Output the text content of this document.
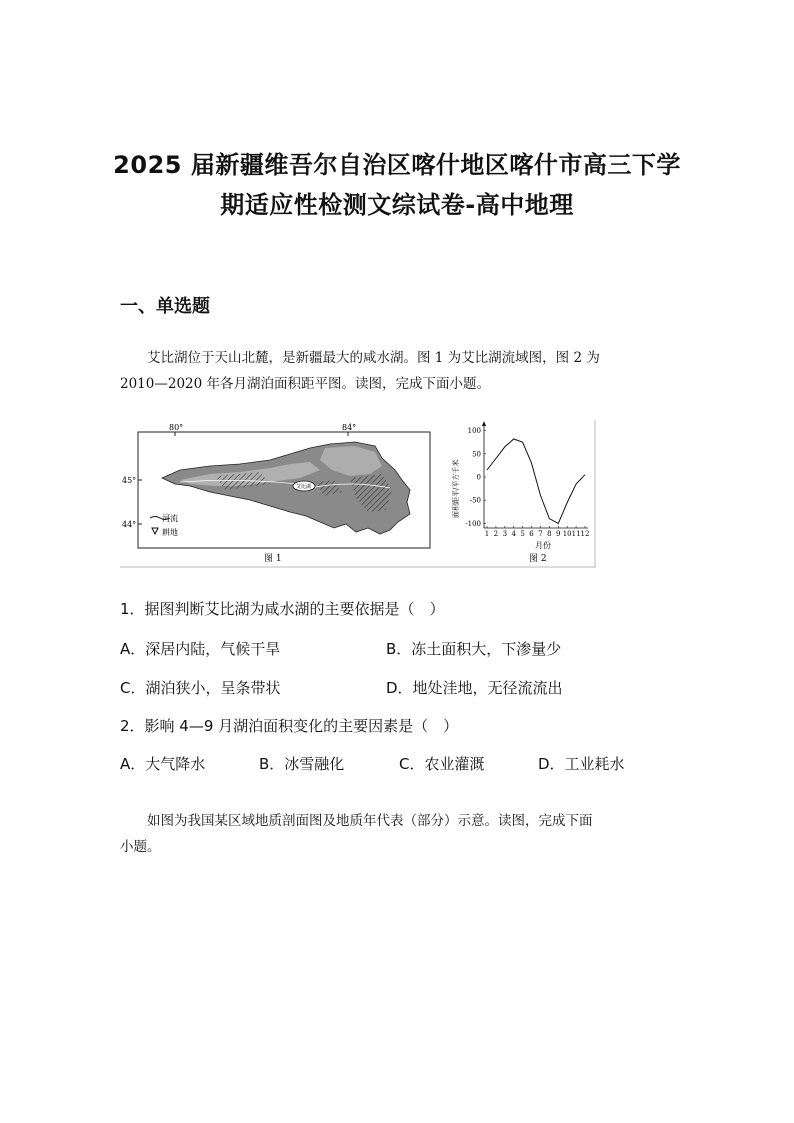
2025 届新疆维吾尔自治区喀什地区喀什市高三下学
期适应性检测文综试卷-高中地理
一、单选题
艾比湖位于天山北麓，是新疆最大的咸水湖。图 1 为艾比湖流域图，图 2 为
2010—2020 年各月湖泊面积距平图。读图，完成下面小题。
80°	84°
45°
44°
艾比湖
河流
耕地
图 1
面积距平/平方千米
月份
100
50
0
-50
-100
1 2 3 4 5 6 7 8 9 10 11 12
图 2
1．据图判断艾比湖为咸水湖的主要依据是（　）
A．深居内陆，气候干旱	B．冻土面积大，下渗量少
C．湖泊狭小，呈条带状	D．地处洼地，无径流流出
2．影响 4—9 月湖泊面积变化的主要因素是（　）
A．大气降水	B．冰雪融化	C．农业灌溉	D．工业耗水
如图为我国某区域地质剖面图及地质年代表（部分）示意。读图，完成下面
小题。
